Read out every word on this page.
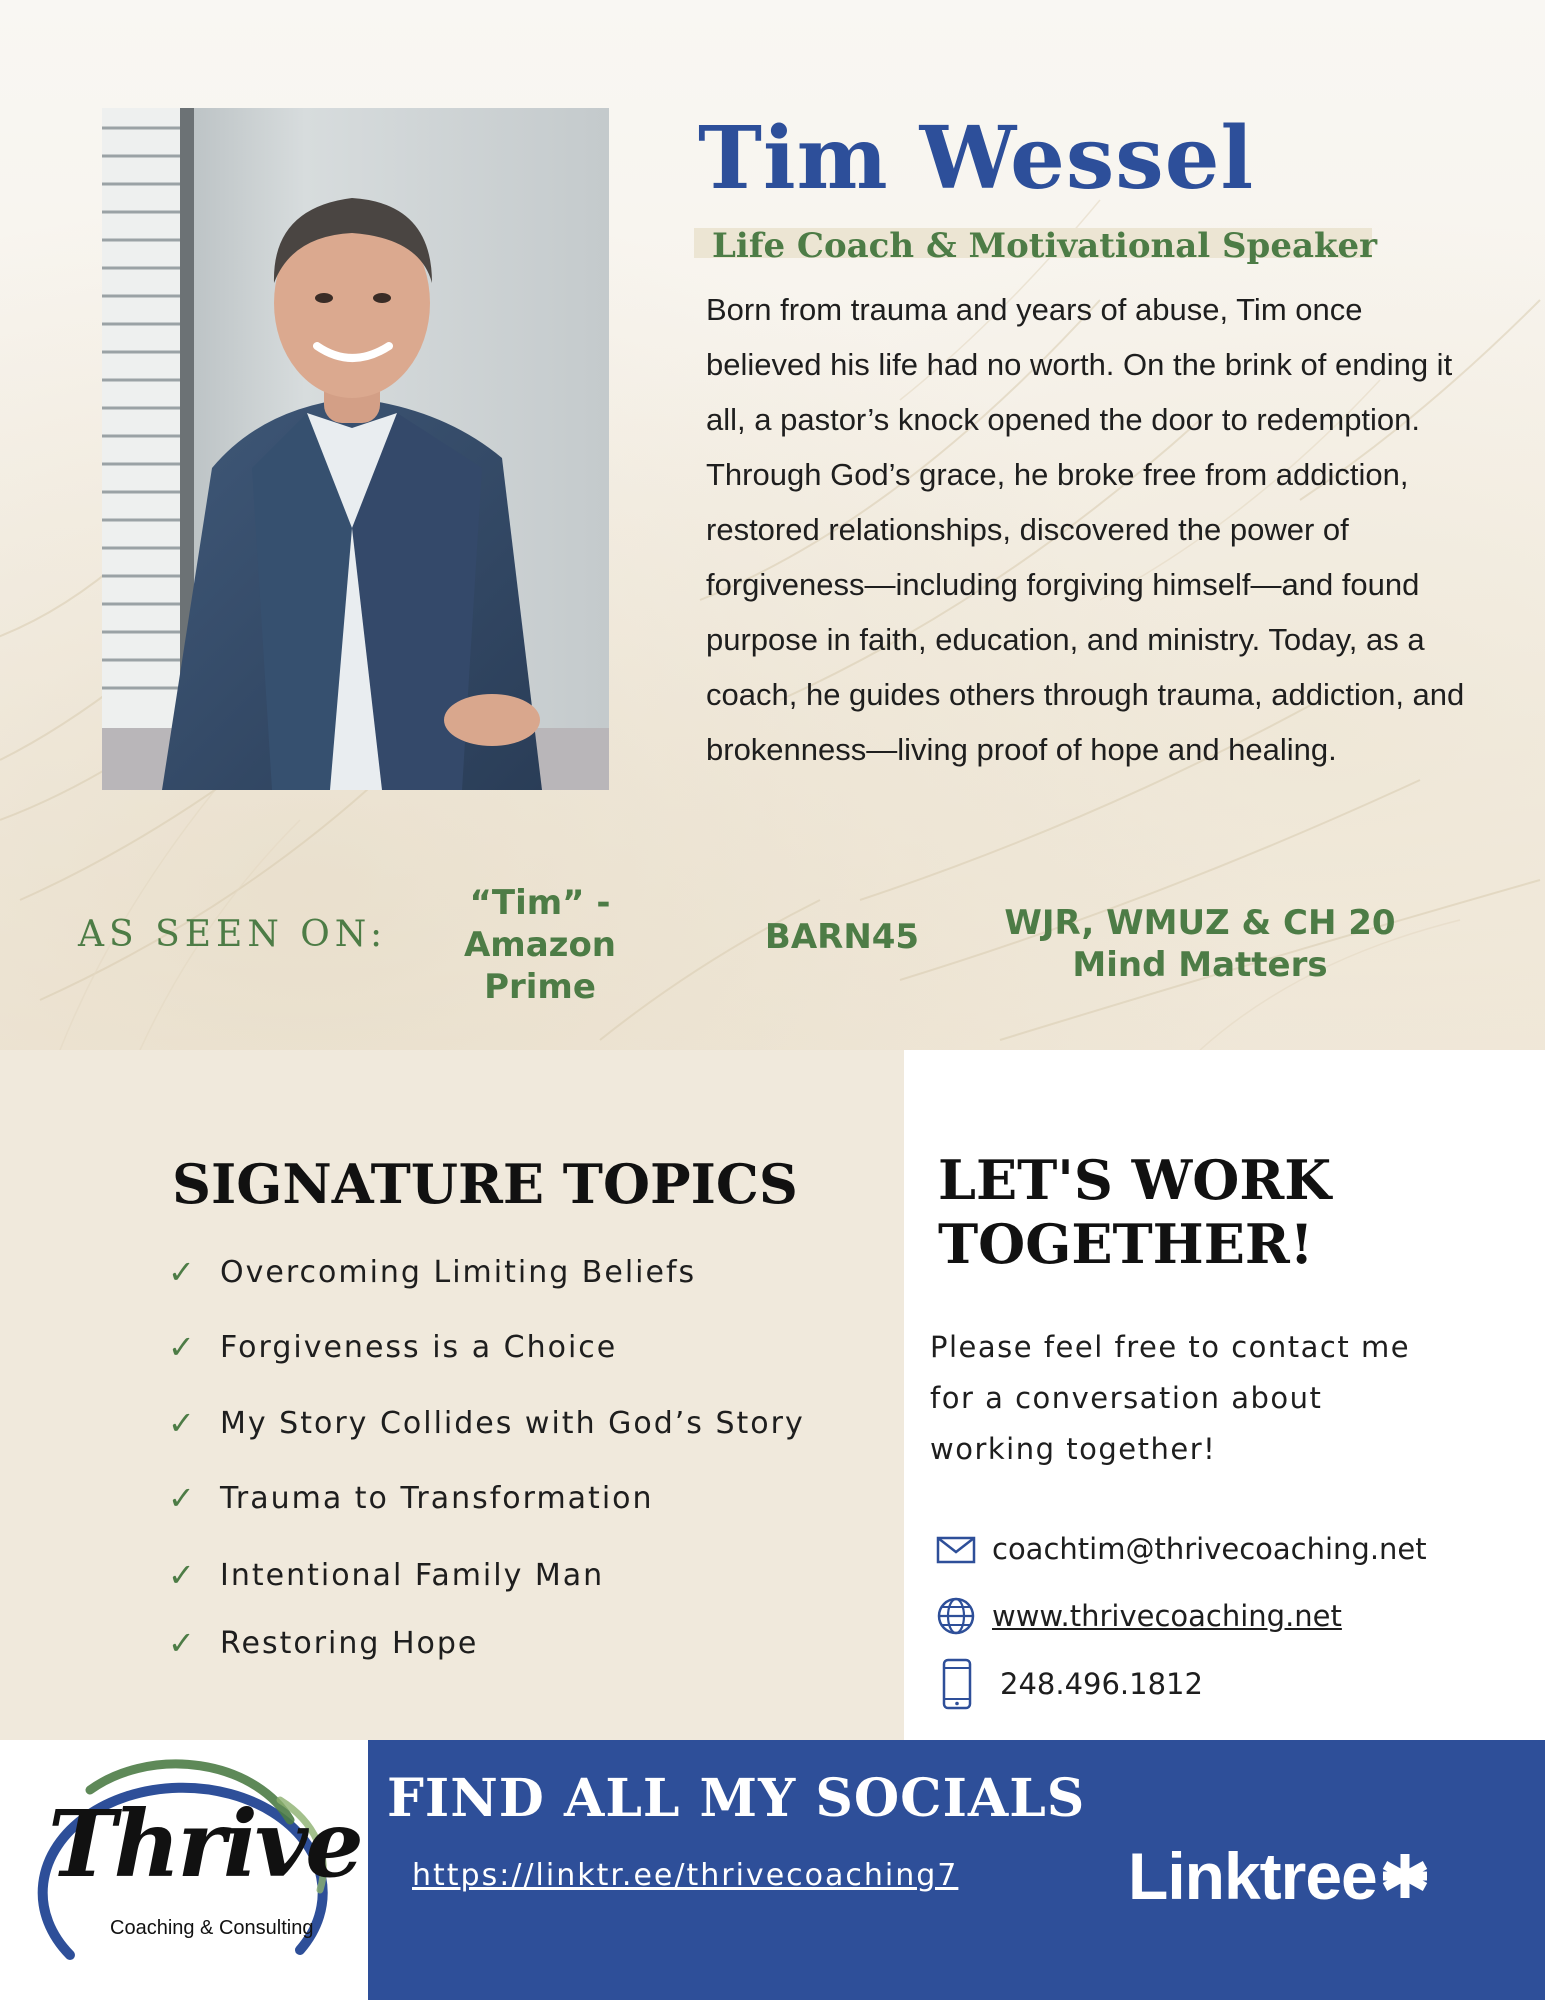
Tim Wessel
Life Coach & Motivational Speaker
Born from trauma and years of abuse, Tim once believed his life had no worth. On the brink of ending it all, a pastor’s knock opened the door to redemption. Through God’s grace, he broke free from addiction, restored relationships, discovered the power of forgiveness—including forgiving himself—and found purpose in faith, education, and ministry. Today, as a coach, he guides others through trauma, addiction, and brokenness—living proof of hope and healing.
AS SEEN ON:
“Tim” - Amazon Prime
BARN45	WJR, WMUZ & CH 20 Mind Matters
SIGNATURE TOPICS
✓ Overcoming Limiting Beliefs
✓ Forgiveness is a Choice
✓ My Story Collides with God’s Story
✓ Trauma to Transformation
✓ Intentional Family Man
✓ Restoring Hope
LET'S WORK TOGETHER!
Please feel free to contact me for a conversation about working together!
coachtim@thrivecoaching.net
www.thrivecoaching.net
248.496.1812
Thrive
Coaching & Consulting
FIND ALL MY SOCIALS
https://linktr.ee/thrivecoaching7	Linktree
